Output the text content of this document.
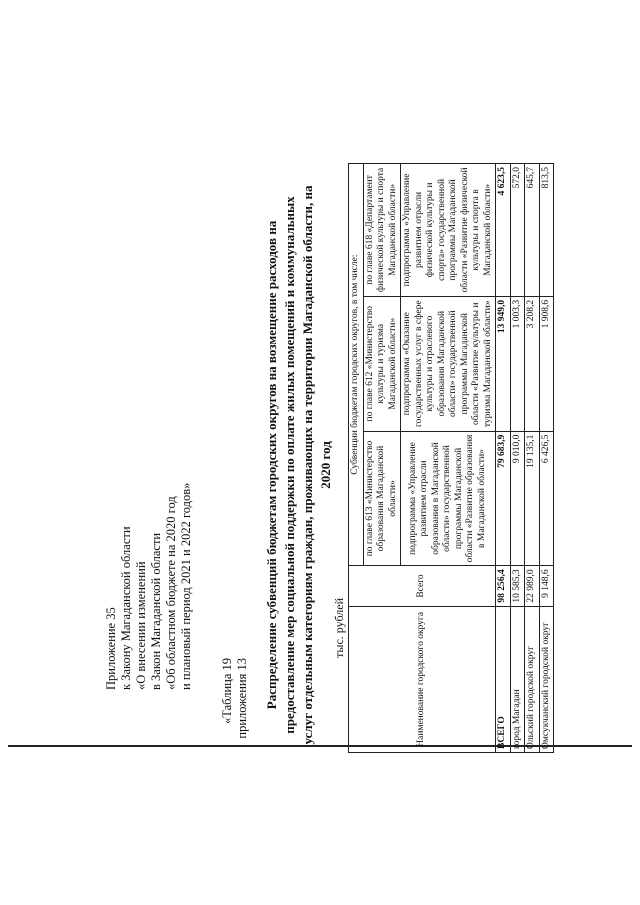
Приложение 35 к Закону Магаданской области «О внесении изменений в Закон Магаданской области «Об областном бюджете на 2020 год и плановый период 2021 и 2022 годов»
«Таблица 19 приложения 13 Распределение субвенций бюджетам городских округов на возмещение расходов на предоставление мер социальной поддержки по оплате жилых помещений и коммунальных услуг отдельным категориям граждан, проживающих на территории Магаданской области, на 2020 год
тыс. рублей	Наименование городского округа	Всего	Субвенции бюджетам городских округов, в том числе:		
		по главе 613 «Министерство образования Магаданской области»	по главе 612 «Министерство культуры и туризма Магаданской области»	по главе 618 «Департамент физической культуры и спорта Магаданской области»
		подпрограмма «Управление развитием отрасли образования в Магаданской области» государственной программы Магаданской области «Развитие образования в Магаданской области»	подпрограмма «Оказание государственных услуг в сфере культуры и отраслевого образования Магаданской области» государственной программы Магаданской области «Развитие культуры и туризма Магаданской области»	подпрограмма «Управление развитием отрасли физической культуры и спорта» государственной программы Магаданской области «Развитие физической культуры и спорта в Магаданской области»
ВСЕГО	98 256,4	79 683,9	13 949,0	4 623,5
город Магадан	10 585,3	9 010,0	1 003,3	572,0
Ольский городской округ	22 989,0	19 135,1	3 208,2	645,7
Омсукчанский городской округ	9 148,6	6 426,5	1 908,6	813,5
